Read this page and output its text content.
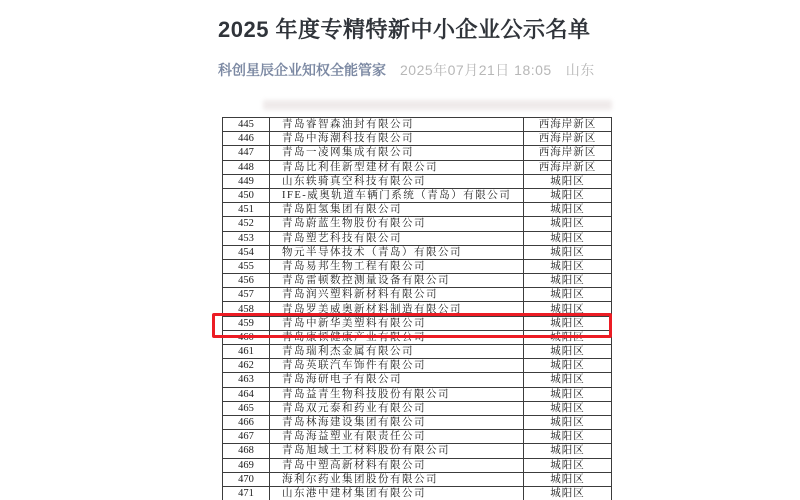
2025 年度专精特新中小企业公示名单
科创星辰企业知权全能管家 2025年07月21日 18:05 山东
445	青岛睿智森油封有限公司	西海岸新区
446	青岛中海潮科技有限公司	西海岸新区
447	青岛一凌网集成有限公司	西海岸新区
448	青岛比利佳新型建材有限公司	西海岸新区
449	山东轶骑真空科技有限公司	城阳区
450	IFE-威奥轨道车辆门系统（青岛）有限公司	城阳区
451	青岛阳氢集团有限公司	城阳区
452	青岛蔚蓝生物股份有限公司	城阳区
453	青岛塑艺科技有限公司	城阳区
454	物元半导体技术（青岛）有限公司	城阳区
455	青岛易邦生物工程有限公司	城阳区
456	青岛雷顿数控测量设备有限公司	城阳区
457	青岛润兴塑料新材料有限公司	城阳区
458	青岛罗美威奥新材料制造有限公司	城阳区
459	青岛中新华美塑料有限公司	城阳区
460	青岛康顿健康产业有限公司	城阳区
461	青岛瑞利杰金属有限公司	城阳区
462	青岛英联汽车饰件有限公司	城阳区
463	青岛海研电子有限公司	城阳区
464	青岛益青生物科技股份有限公司	城阳区
465	青岛双元泰和药业有限公司	城阳区
466	青岛林海建设集团有限公司	城阳区
467	青岛海益塑业有限责任公司	城阳区
468	青岛旭域土工材料股份有限公司	城阳区
469	青岛中塑高新材料有限公司	城阳区
470	海利尔药业集团股份有限公司	城阳区
471	山东港中建材集团有限公司	城阳区
